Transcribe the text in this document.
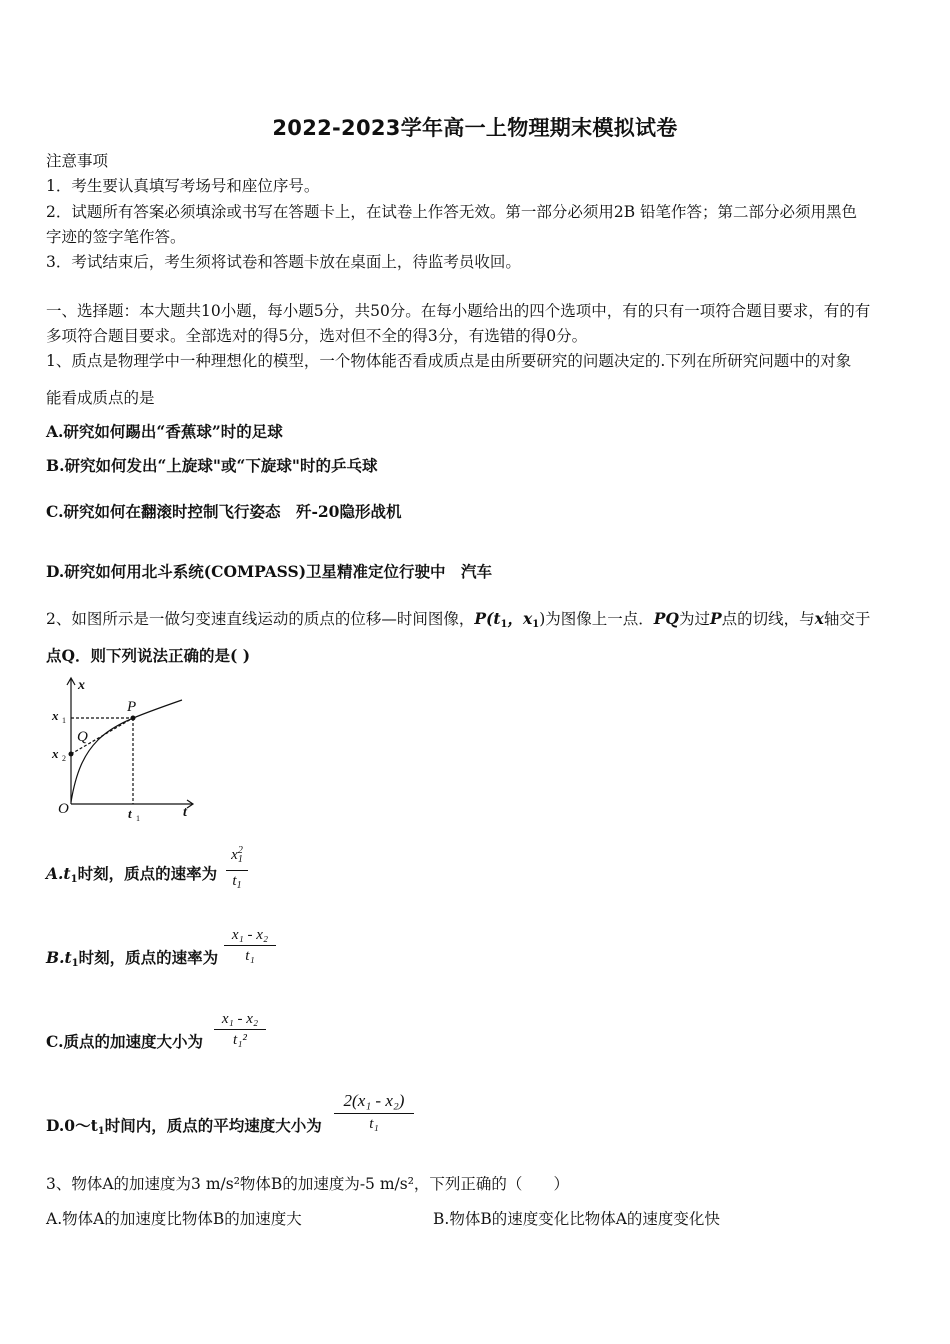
2022-2023学年高一上物理期末模拟试卷
注意事项
1．考生要认真填写考场号和座位序号。
2．试题所有答案必须填涂或书写在答题卡上，在试卷上作答无效。第一部分必须用2B 铅笔作答；第二部分必须用黑色
字迹的签字笔作答。
3．考试结束后，考生须将试卷和答题卡放在桌面上，待监考员收回。
一、选择题：本大题共10小题，每小题5分，共50分。在每小题给出的四个选项中，有的只有一项符合题目要求，有的有
多项符合题目要求。全部选对的得5分，选对但不全的得3分，有选错的得0分。
1、质点是物理学中一种理想化的模型，一个物体能否看成质点是由所要研究的问题决定的.下列在所研究问题中的对象
能看成质点的是
A.研究如何踢出“香蕉球”时的足球
B.研究如何发出“上旋球"或“下旋球"时的乒乓球
C.研究如何在翻滚时控制飞行姿态　歼-20隐形战机
D.研究如何用北斗系统(COMPASS)卫星精准定位行驶中　汽车
2、如图所示是一做匀变速直线运动的质点的位移—时间图像，$P(t_1$，$x_1$)为图像上一点．PQ为过P点的切线，与x轴交于
点Q．则下列说法正确的是( )
x
t
O
P
Q
x 1
x 2
t 1
$A.t_1$时刻，质点的速率为
$x^2_1$
$t_1$
$B.t_1$时刻，质点的速率为
x₁ - x₂
t₁
C.质点的加速度大小为
x₁ - x₂
t₁²
$D.0\sim t_1$时间内，质点的平均速度大小为
2(x₁ - x₂)
t₁
3、物体A的加速度为3 m/s²物体B的加速度为-5 m/s²，下列正确的（　　）
A.物体A的加速度比物体B的加速度大	B.物体B的速度变化比物体A的速度变化快
